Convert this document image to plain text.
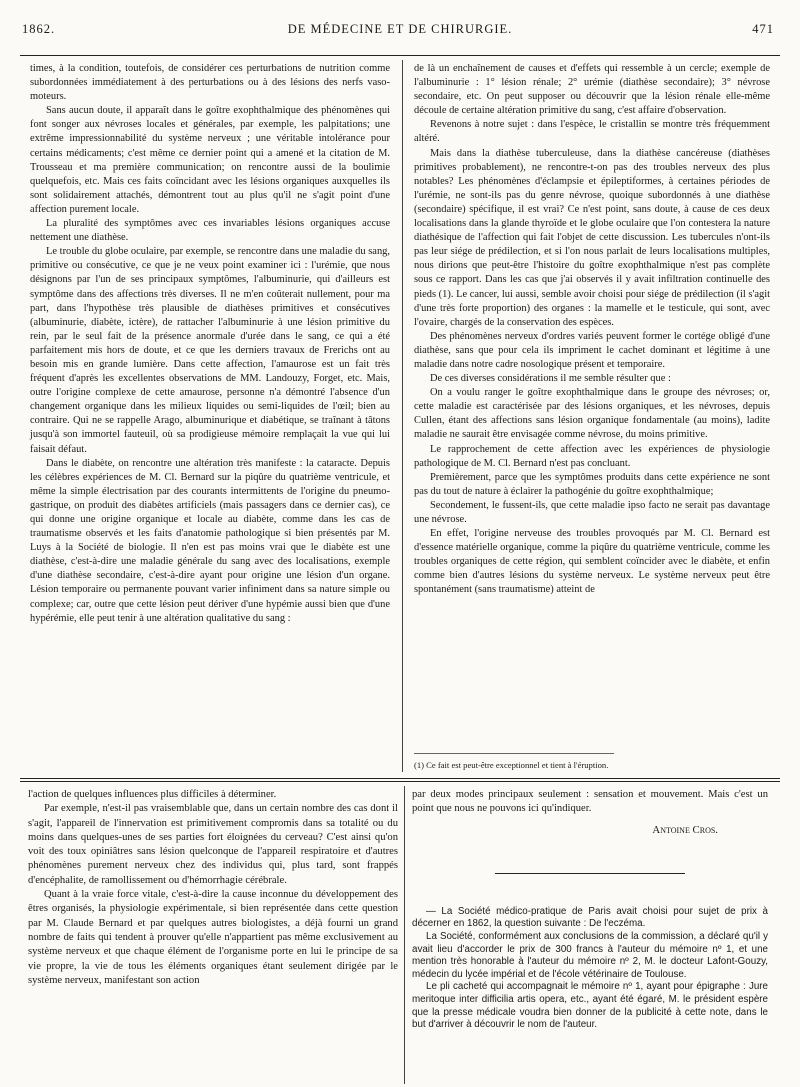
1862.	DE MÉDECINE ET DE CHIRURGIE.	471

times, à la condition, toutefois, de considérer ces perturbations de nutrition comme subordonnées immédiatement à des perturbations ou à des lésions des nerfs vaso-moteurs.

Sans aucun doute, il apparaît dans le goître exophthalmique des phénomènes qui font songer aux névroses locales et générales, par exemple, les palpitations; une extrême impressionnabilité du système nerveux ; une véritable intolérance pour certains médicaments; c'est même ce dernier point qui a amené et la citation de M. Trousseau et ma première communication; on rencontre aussi de la boulimie quelquefois, etc. Mais ces faits coïncidant avec les lésions organiques auxquelles ils sont solidairement attachés, démontrent tout au plus qu'il ne s'agit point d'une affection purement locale.

La pluralité des symptômes avec ces invariables lésions organiques accuse nettement une diathèse.

Le trouble du globe oculaire, par exemple, se rencontre dans une maladie du sang, primitive ou consécutive, ce que je ne veux point examiner ici : l'urémie, que nous désignons par l'un de ses principaux symptômes, l'albuminurie, qui d'ailleurs est symptôme dans des affections très diverses. Il ne m'en coûterait nullement, pour ma part, dans l'hypothèse très plausible de diathèses primitives et consécutives (albuminurie, diabète, ictère), de rattacher l'albuminurie à une lésion primitive du rein, par le seul fait de la présence anormale d'urée dans le sang, ce qui a été parfaitement mis hors de doute, et ce que les derniers travaux de Frerichs ont au besoin mis en grande lumière. Dans cette affection, l'amaurose est un fait très fréquent d'après les excellentes observations de MM. Landouzy, Forget, etc. Mais, outre l'origine complexe de cette amaurose, personne n'a démontré l'absence d'un changement organique dans les milieux liquides ou semi-liquides de l'œil; bien au contraire. Qui ne se rappelle Arago, albuminurique et diabétique, se traînant à tâtons jusqu'à son immortel fauteuil, où sa prodigieuse mémoire remplaçait la vue qui lui faisait défaut.

Dans le diabète, on rencontre une altération très manifeste : la cataracte. Depuis les célèbres expériences de M. Cl. Bernard sur la piqûre du quatrième ventricule, et même la simple électrisation par des courants intermittents de l'origine du pneumo-gastrique, on produit des diabètes artificiels (mais passagers dans ce dernier cas), ce qui donne une origine organique et locale au diabète, comme dans les cas de traumatisme observés et les faits d'anatomie pathologique si bien présentés par M. Luys à la Société de biologie. Il n'en est pas moins vrai que le diabète est une diathèse, c'est-à-dire une maladie générale du sang avec des localisations, exemple d'une diathèse secondaire, c'est-à-dire ayant pour origine une lésion d'un organe. Lésion temporaire ou permanente pouvant varier infiniment dans sa nature simple ou complexe; car, outre que cette lésion peut dériver d'une hypémie aussi bien que d'une hypérémie, elle peut tenir à une altération qualitative du sang :

de là un enchaînement de causes et d'effets qui ressemble à un cercle; exemple de l'albuminurie : 1° lésion rénale; 2° urémie (diathèse secondaire); 3° névrose secondaire, etc. On peut supposer ou découvrir que la lésion rénale elle-même découle de certaine altération primitive du sang, c'est affaire d'observation.

Revenons à notre sujet : dans l'espèce, le cristallin se montre très fréquemment altéré.

Mais dans la diathèse tuberculeuse, dans la diathèse cancéreuse (diathèses primitives probablement), ne rencontre-t-on pas des troubles nerveux des plus notables? Les phénomènes d'éclampsie et épileptiformes, à certaines périodes de l'urémie, ne sont-ils pas du genre névrose, quoique subordonnés à une diathèse (secondaire) spécifique, il est vrai? Ce n'est point, sans doute, à cause de ces deux localisations dans la glande thyroïde et le globe oculaire que l'on contestera la nature diathésique de l'affection qui fait l'objet de cette discussion. Les tubercules n'ont-ils pas leur siége de prédilection, et si l'on nous parlait de leurs localisations multiples, nous dirions que peut-être l'histoire du goître exophthalmique n'est pas complète sous ce rapport. Dans les cas que j'ai observés il y avait infiltration continuelle des pieds (1). Le cancer, lui aussi, semble avoir choisi pour siége de prédilection (il s'agit d'une très forte proportion) des organes : la mamelle et le testicule, qui sont, avec l'ovaire, chargés de la conservation des espèces.

Des phénomènes nerveux d'ordres variés peuvent former le cortége obligé d'une diathèse, sans que pour cela ils impriment le cachet dominant et légitime à une maladie dans notre cadre nosologique présent et temporaire.

De ces diverses considérations il me semble résulter que :

On a voulu ranger le goître exophthalmique dans le groupe des névroses; or, cette maladie est caractérisée par des lésions organiques, et les névroses, depuis Cullen, étant des affections sans lésion organique fondamentale (au moins), ladite maladie ne saurait être envisagée comme névrose, du moins primitive.

Le rapprochement de cette affection avec les expériences de physiologie pathologique de M. Cl. Bernard n'est pas concluant.

Premièrement, parce que les symptômes produits dans cette expérience ne sont pas du tout de nature à éclairer la pathogénie du goître exophthalmique;

Secondement, le fussent-ils, que cette maladie ipso facto ne serait pas davantage une névrose.

En effet, l'origine nerveuse des troubles provoqués par M. Cl. Bernard est d'essence matérielle organique, comme la piqûre du quatrième ventricule, comme les troubles organiques de cette région, qui semblent coïncider avec le diabète, et enfin comme bien d'autres lésions du système nerveux. Le système nerveux peut être spontanément (sans traumatisme) atteint de

(1) Ce fait est peut-être exceptionnel et tient à l'éruption.

l'action de quelques influences plus difficiles à déterminer.

Par exemple, n'est-il pas vraisemblable que, dans un certain nombre des cas dont il s'agit, l'appareil de l'innervation est primitivement compromis dans sa totalité ou du moins dans quelques-unes de ses parties fort éloignées du cerveau? C'est ainsi qu'on voit des toux opiniâtres sans lésion quelconque de l'appareil respiratoire et d'autres phénomènes purement nerveux chez des individus qui, plus tard, sont frappés d'encéphalite, de ramollissement ou d'hémorrhagie cérébrale.

Quant à la vraie force vitale, c'est-à-dire la cause inconnue du développement des êtres organisés, la physiologie expérimentale, si bien représentée dans cette question par M. Claude Bernard et par quelques autres biologistes, a déjà fourni un grand nombre de faits qui tendent à prouver qu'elle n'appartient pas même exclusivement au système nerveux et que chaque élément de l'organisme porte en lui le principe de sa vie propre, la vie de tous les éléments organiques étant seulement dirigée par le système nerveux, manifestant son action

par deux modes principaux seulement : sensation et mouvement. Mais c'est un point que nous ne pouvons ici qu'indiquer.

Antoine Cros.

— La Société médico-pratique de Paris avait choisi pour sujet de prix à décerner en 1862, la question suivante : De l'eczéma.

La Société, conformément aux conclusions de la commission, a déclaré qu'il y avait lieu d'accorder le prix de 300 francs à l'auteur du mémoire nº 1, et une mention très honorable à l'auteur du mémoire nº 2, M. le docteur Lafont-Gouzy, médecin du lycée impérial et de l'école vétérinaire de Toulouse.

Le pli cacheté qui accompagnait le mémoire nº 1, ayant pour épigraphe : Jure meritoque inter difficilia artis opera, etc., ayant été égaré, M. le président espère que la presse médicale voudra bien donner de la publicité à cette note, dans le but d'arriver à découvrir le nom de l'auteur.
